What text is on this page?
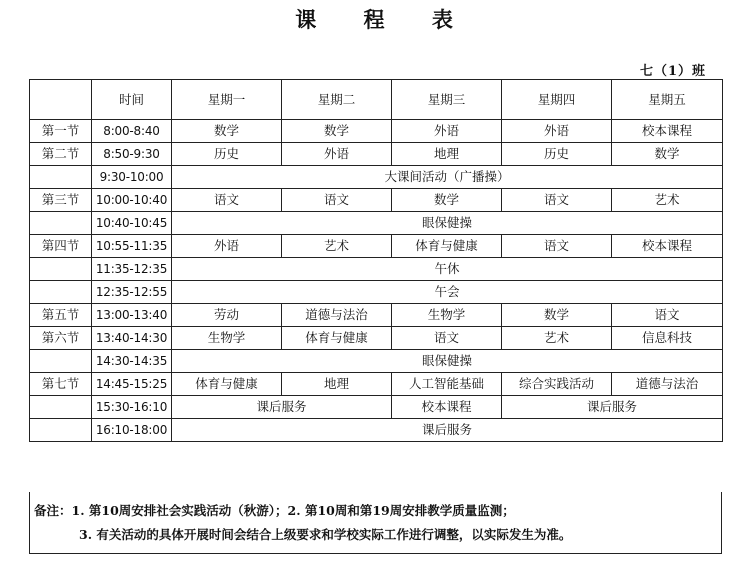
课 程 表
七（1）班
	时间	星期一	星期二	星期三	星期四	星期五
第一节	8:00-8:40	数学	数学	外语	外语	校本课程
第二节	8:50-9:30	历史	外语	地理	历史	数学
	9:30-10:00	大课间活动（广播操）				
第三节	10:00-10:40	语文	语文	数学	语文	艺术
	10:40-10:45	眼保健操				
第四节	10:55-11:35	外语	艺术	体育与健康	语文	校本课程
	11:35-12:35	午休				
	12:35-12:55	午会				
第五节	13:00-13:40	劳动	道德与法治	生物学	数学	语文
第六节	13:40-14:30	生物学	体育与健康	语文	艺术	信息科技
	14:30-14:35	眼保健操				
第七节	14:45-15:25	体育与健康	地理	人工智能基础	综合实践活动	道德与法治
	15:30-16:10	课后服务		校本课程	课后服务	
	16:10-18:00	课后服务				
备注：1. 第10周安排社会实践活动（秋游）；2. 第10周和第19周安排教学质量监测；
3. 有关活动的具体开展时间会结合上级要求和学校实际工作进行调整，以实际发生为准。
